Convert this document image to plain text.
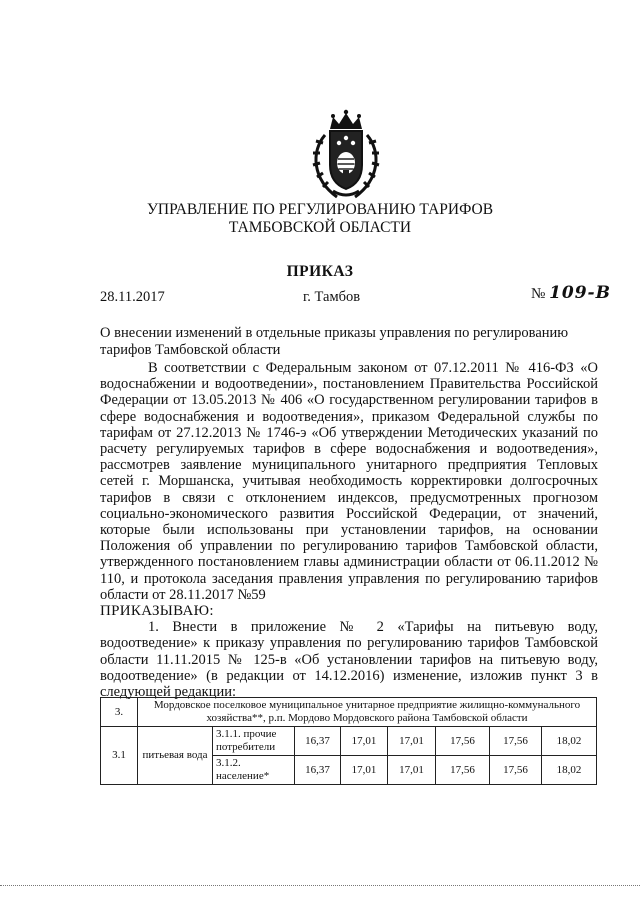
УПРАВЛЕНИЕ ПО РЕГУЛИРОВАНИЮ ТАРИФОВ
ТАМБОВСКОЙ ОБЛАСТИ
ПРИКАЗ
28.11.2017	г. Тамбов	№ 109-В
О внесении изменений в отдельные приказы управления по регулированию тарифов Тамбовской области

В соответствии с Федеральным законом от 07.12.2011 № 416-ФЗ «О водоснабжении и водоотведении», постановлением Правительства Российской Федерации от 13.05.2013 № 406 «О государственном регулировании тарифов в сфере водоснабжения и водоотведения», приказом Федеральной службы по тарифам от 27.12.2013 № 1746-э «Об утверждении Методических указаний по расчету регулируемых тарифов в сфере водоснабжения и водоотведения», рассмотрев заявление муниципального унитарного предприятия Тепловых сетей г. Моршанска, учитывая необходимость корректировки долгосрочных тарифов в связи с отклонением индексов, предусмотренных прогнозом социально-экономического развития Российской Федерации, от значений, которые были использованы при установлении тарифов, на основании Положения об управлении по регулированию тарифов Тамбовской области, утвержденного постановлением главы администрации области от 06.11.2012 № 110, и протокола заседания правления управления по регулированию тарифов области от 28.11.2017 №59

ПРИКАЗЫВАЮ:

1. Внести в приложение № 2 «Тарифы на питьевую воду, водоотведение» к приказу управления по регулированию тарифов Тамбовской области 11.11.2015 № 125-в «Об установлении тарифов на питьевую воду, водоотведение» (в редакции от 14.12.2016) изменение, изложив пункт 3 в следующей редакции:

3.	Мордовское поселковое муниципальное унитарное предприятие жилищно-коммунального хозяйства**, р.п. Мордово Мордовского района Тамбовской области							
3.1	питьевая вода	3.1.1. прочие потребители	16,37	17,01	17,01	17,56	17,56	18,02
		3.1.2. население*	16,37	17,01	17,01	17,56	17,56	18,02
